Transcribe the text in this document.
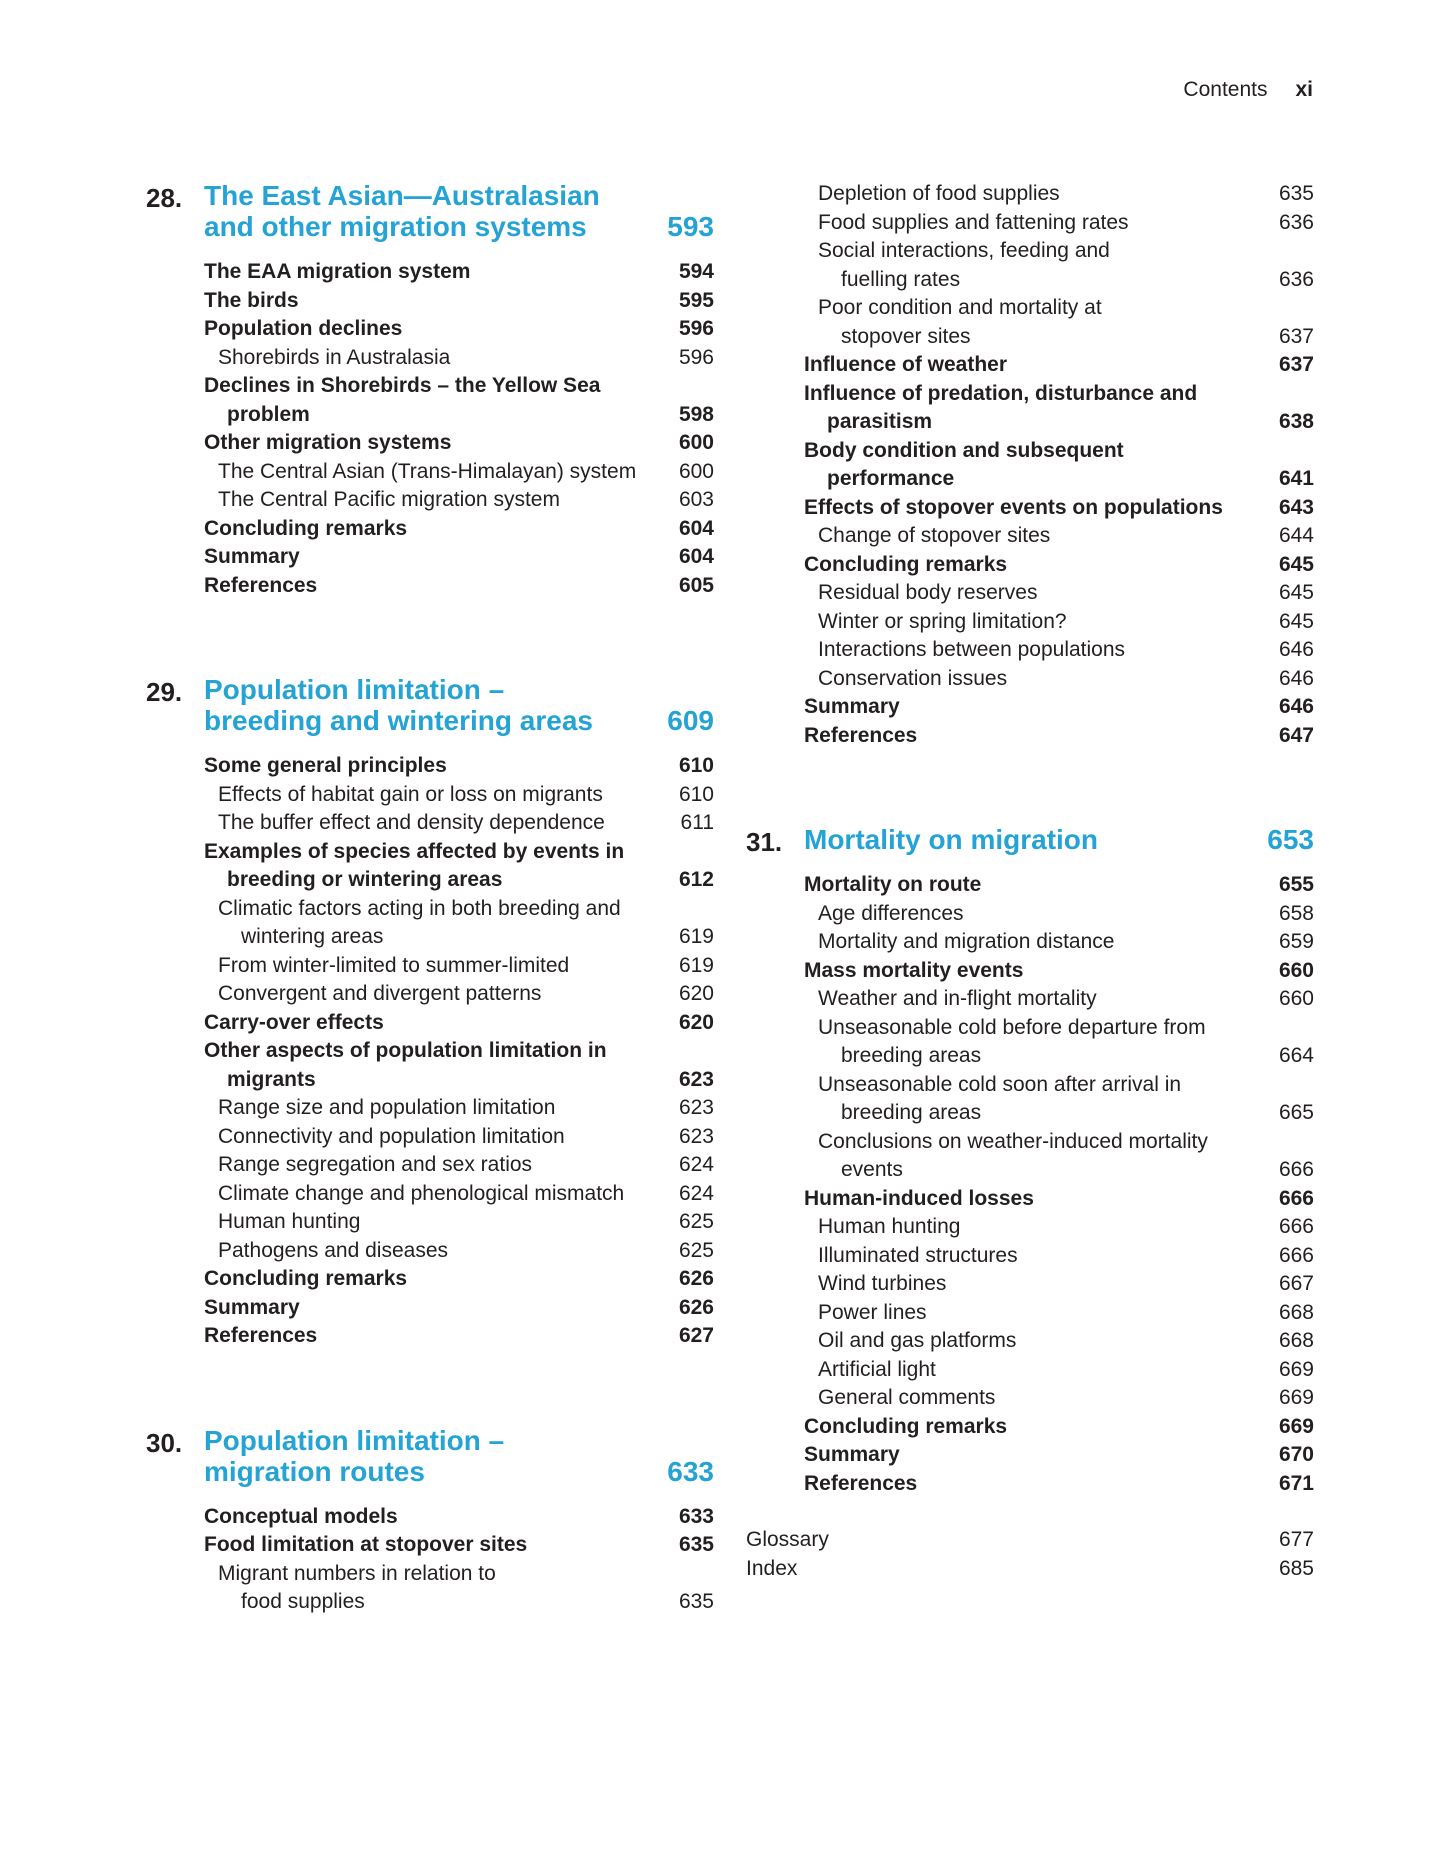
Contents xi
28. The East Asian—Australasian and other migration systems	593
The EAA migration system	594
The birds	595
Population declines	596
Shorebirds in Australasia	596
Declines in Shorebirds – the Yellow Sea
problem	598
Other migration systems	600
The Central Asian (Trans-Himalayan) system 600
The Central Pacific migration system	603
Concluding remarks	604
Summary	604
References	605
29. Population limitation – breeding and wintering areas	609
Some general principles	610
Effects of habitat gain or loss on migrants	610
The buffer effect and density dependence	611
Examples of species affected by events in
breeding or wintering areas	612
Climatic factors acting in both breeding and
wintering areas	619
From winter-limited to summer-limited	619
Convergent and divergent patterns	620
Carry-over effects	620
Other aspects of population limitation in
migrants	623
Range size and population limitation	623
Connectivity and population limitation	623
Range segregation and sex ratios	624
Climate change and phenological mismatch	624
Human hunting	625
Pathogens and diseases	625
Concluding remarks	626
Summary	626
References	627
30. Population limitation – migration routes	633
Conceptual models	633
Food limitation at stopover sites	635
Migrant numbers in relation to
food supplies	635
Depletion of food supplies	635
Food supplies and fattening rates	636
Social interactions, feeding and
fuelling rates	636
Poor condition and mortality at
stopover sites	637
Influence of weather	637
Influence of predation, disturbance and
parasitism	638
Body condition and subsequent
performance	641
Effects of stopover events on populations	643
Change of stopover sites	644
Concluding remarks	645
Residual body reserves	645
Winter or spring limitation?	645
Interactions between populations	646
Conservation issues	646
Summary	646
References	647
31. Mortality on migration	653
Mortality on route	655
Age differences	658
Mortality and migration distance	659
Mass mortality events	660
Weather and in-flight mortality	660
Unseasonable cold before departure from
breeding areas	664
Unseasonable cold soon after arrival in
breeding areas	665
Conclusions on weather-induced mortality
events	666
Human-induced losses	666
Human hunting	666
Illuminated structures	666
Wind turbines	667
Power lines	668
Oil and gas platforms	668
Artificial light	669
General comments	669
Concluding remarks	669
Summary	670
References	671
Glossary	677
Index	685
